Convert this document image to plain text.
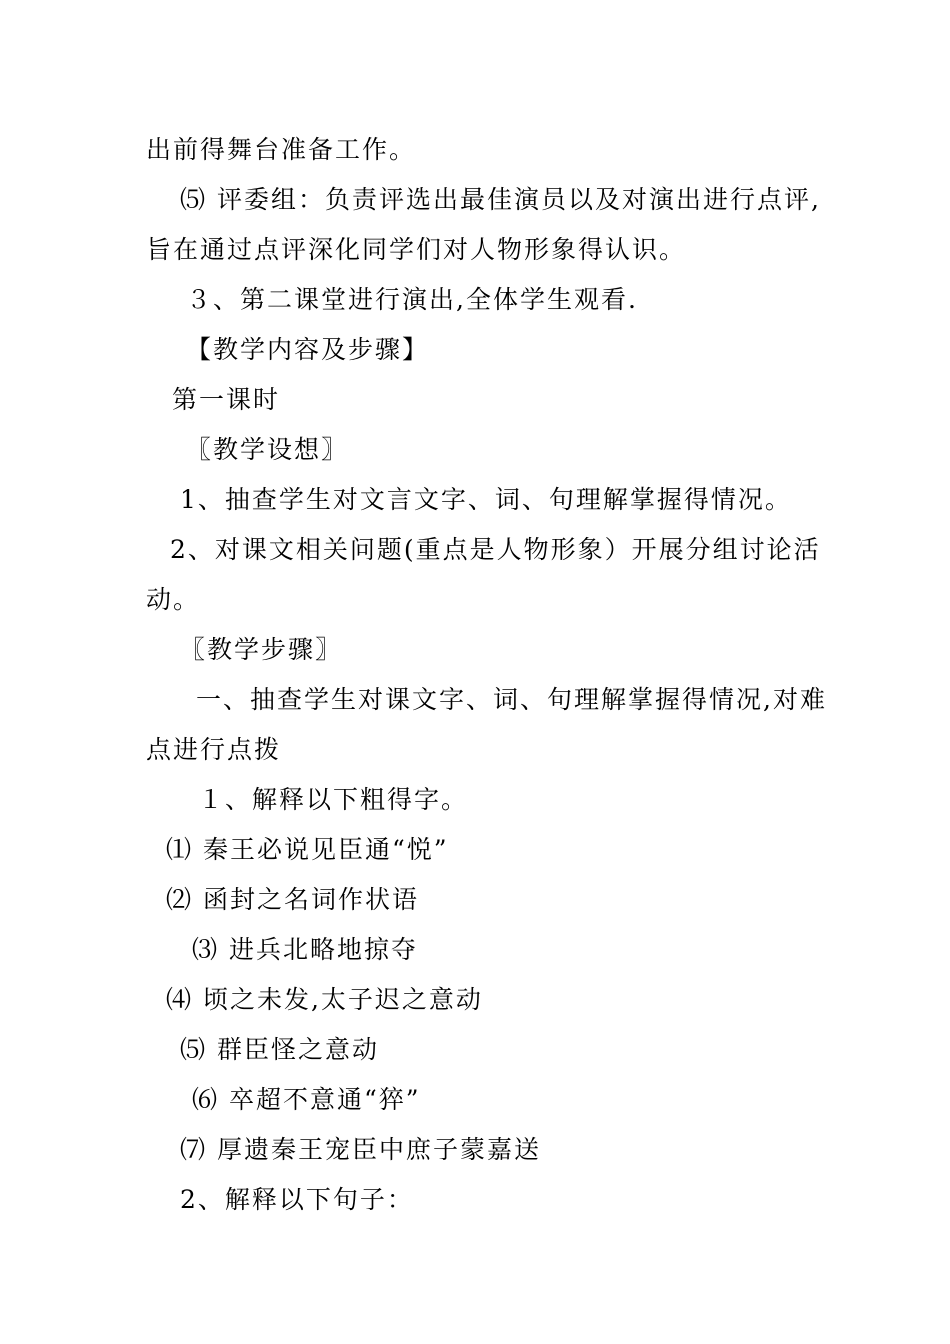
出前得舞台准备工作。
⑸ 评委组：负责评选出最佳演员以及对演出进行点评,
旨在通过点评深化同学们对人物形象得认识。
３、第二课堂进行演出,全体学生观看.
【教学内容及步骤】
第一课时
〖教学设想〗
1、抽查学生对文言文字、词、句理解掌握得情况。
2、对课文相关问题(重点是人物形象）开展分组讨论活
动。
〖教学步骤〗
一、抽查学生对课文字、词、句理解掌握得情况,对难
点进行点拨
１、解释以下粗得字。
⑴ 秦王必说见臣通“悦”
⑵ 函封之名词作状语
⑶ 进兵北略地掠夺
⑷ 顷之未发,太子迟之意动
⑸ 群臣怪之意动
⑹ 卒超不意通“猝”
⑺ 厚遗秦王宠臣中庶子蒙嘉送
2、解释以下句子：
